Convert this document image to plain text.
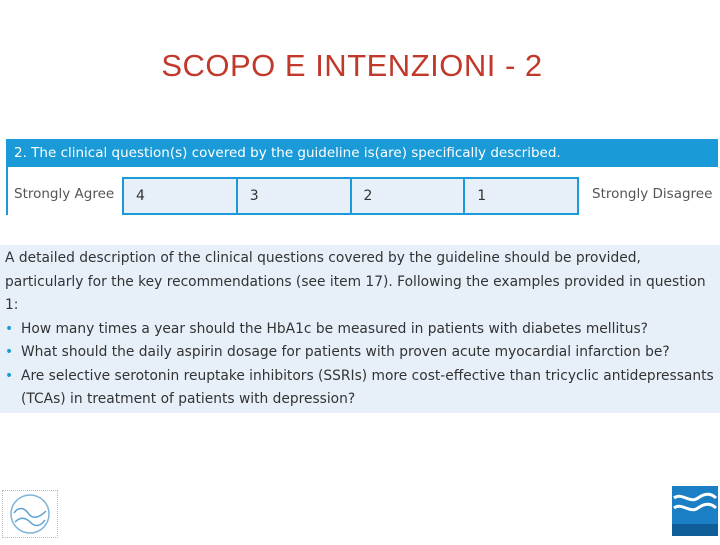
SCOPO E INTENZIONI - 2
2. The clinical question(s) covered by the guideline is(are) specifically described.
Strongly Agree	4	3	2	1	Strongly Disagree

A detailed description of the clinical questions covered by the guideline should be provided, particularly for the key recommendations (see item 17). Following the examples provided in question 1:

• How many times a year should the HbA1c be measured in patients with diabetes mellitus?
• What should the daily aspirin dosage for patients with proven acute myocardial infarction be?
• Are selective serotonin reuptake inhibitors (SSRIs) more cost-effective than tricyclic antidepressants (TCAs) in treatment of patients with depression?
